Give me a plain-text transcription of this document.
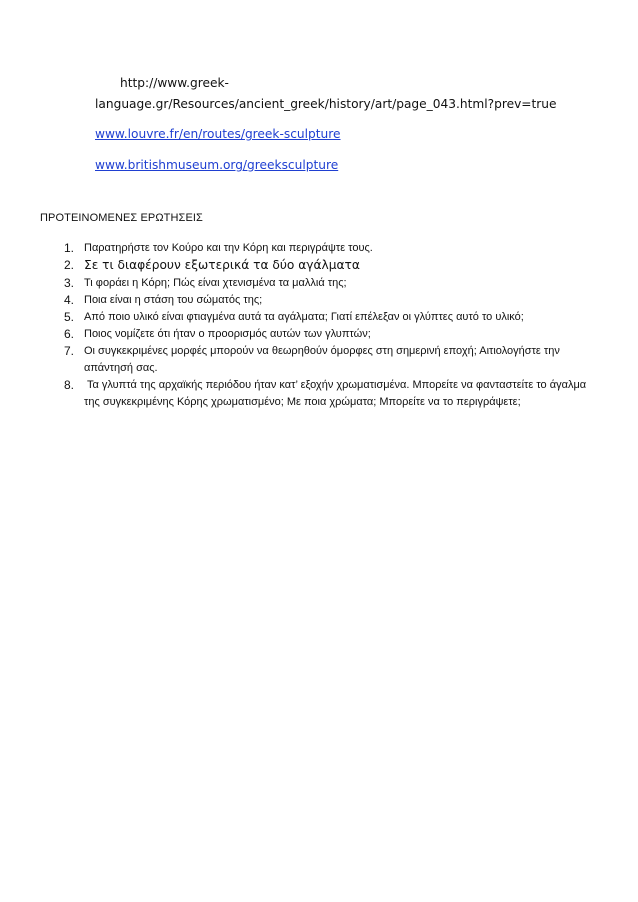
http://www.greek-
language.gr/Resources/ancient_greek/history/art/page_043.html?prev=true
www.louvre.fr/en/routes/greek-sculpture
www.britishmuseum.org/greeksculpture
ΠΡΟΤΕΙΝΟΜΕΝΕΣ ΕΡΩΤΗΣΕΙΣ
1. Παρατηρήστε τον Κούρο και την Κόρη και περιγράψτε τους.
2. Σε τι διαφέρουν εξωτερικά τα δύο αγάλματα
3. Τι φοράει η Κόρη; Πώς είναι χτενισμένα τα μαλλιά της;
4. Ποια είναι η στάση του σώματός της;
5. Από ποιο υλικό είναι φτιαγμένα αυτά τα αγάλματα; Γιατί επέλεξαν οι γλύπτες αυτό το υλικό;
6. Ποιος νομίζετε ότι ήταν ο προορισμός αυτών των γλυπτών;
7. Οι συγκεκριμένες μορφές μπορούν να θεωρηθούν όμορφες στη σημερινή εποχή; Αιτιολογήστε την απάντησή σας.
8. Τα γλυπτά της αρχαϊκής περιόδου ήταν κατ’ εξοχήν χρωματισμένα. Μπορείτε να φανταστείτε το άγαλμα της συγκεκριμένης Κόρης χρωματισμένο; Με ποια χρώματα; Μπορείτε να το περιγράψετε;
